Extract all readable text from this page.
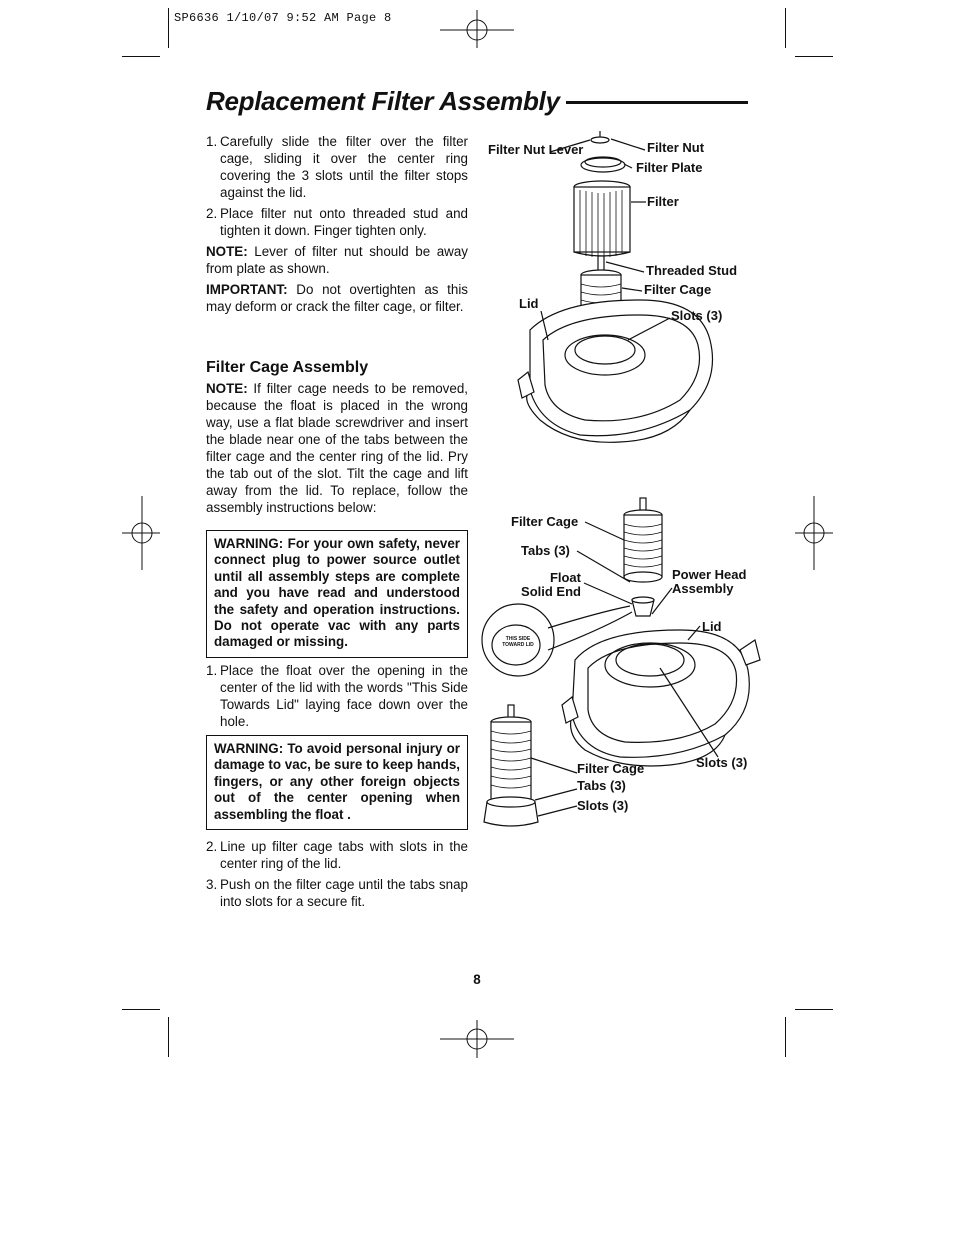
SP6636 1/10/07 9:52 AM Page 8
Replacement Filter Assembly
1. Carefully slide the filter over the filter cage, sliding it over the center ring covering the 3 slots until the filter stops against the lid.
2. Place filter nut onto threaded stud and tighten it down. Finger tighten only.

NOTE: Lever of filter nut should be away from plate as shown.

IMPORTANT: Do not overtighten as this may deform or crack the filter cage, or filter.

Filter Cage Assembly

NOTE: If filter cage needs to be removed, because the float is placed in the wrong way, use a flat blade screwdriver and insert the blade near one of the tabs between the filter cage and the center ring of the lid. Pry the tab out of the slot. Tilt the cage and lift away from the lid. To replace, follow the assembly instructions below:

WARNING: For your own safety, never connect plug to power source outlet until all assembly steps are complete and you have read and understood the safety and operation instructions. Do not operate vac with any parts damaged or missing.
1. Place the float over the opening in the center of the lid with the words "This Side Towards Lid" laying face down over the hole.
WARNING: To avoid personal injury or damage to vac, be sure to keep hands, fingers, or any other foreign objects out of the center opening when assembling the float .
2. Line up filter cage tabs with slots in the center ring of the lid.
3. Push on the filter cage until the tabs snap into slots for a secure fit.
Filter Nut Lever	Filter Nut
Filter Plate
Filter
Threaded Stud
Filter Cage
Lid
Slots (3)
THIS SIDE TOWARD LID
Filter Cage
Tabs (3)
Float Solid End
Power Head Assembly
Lid
Slots (3)
Filter Cage
Tabs (3)
Slots (3)
8
